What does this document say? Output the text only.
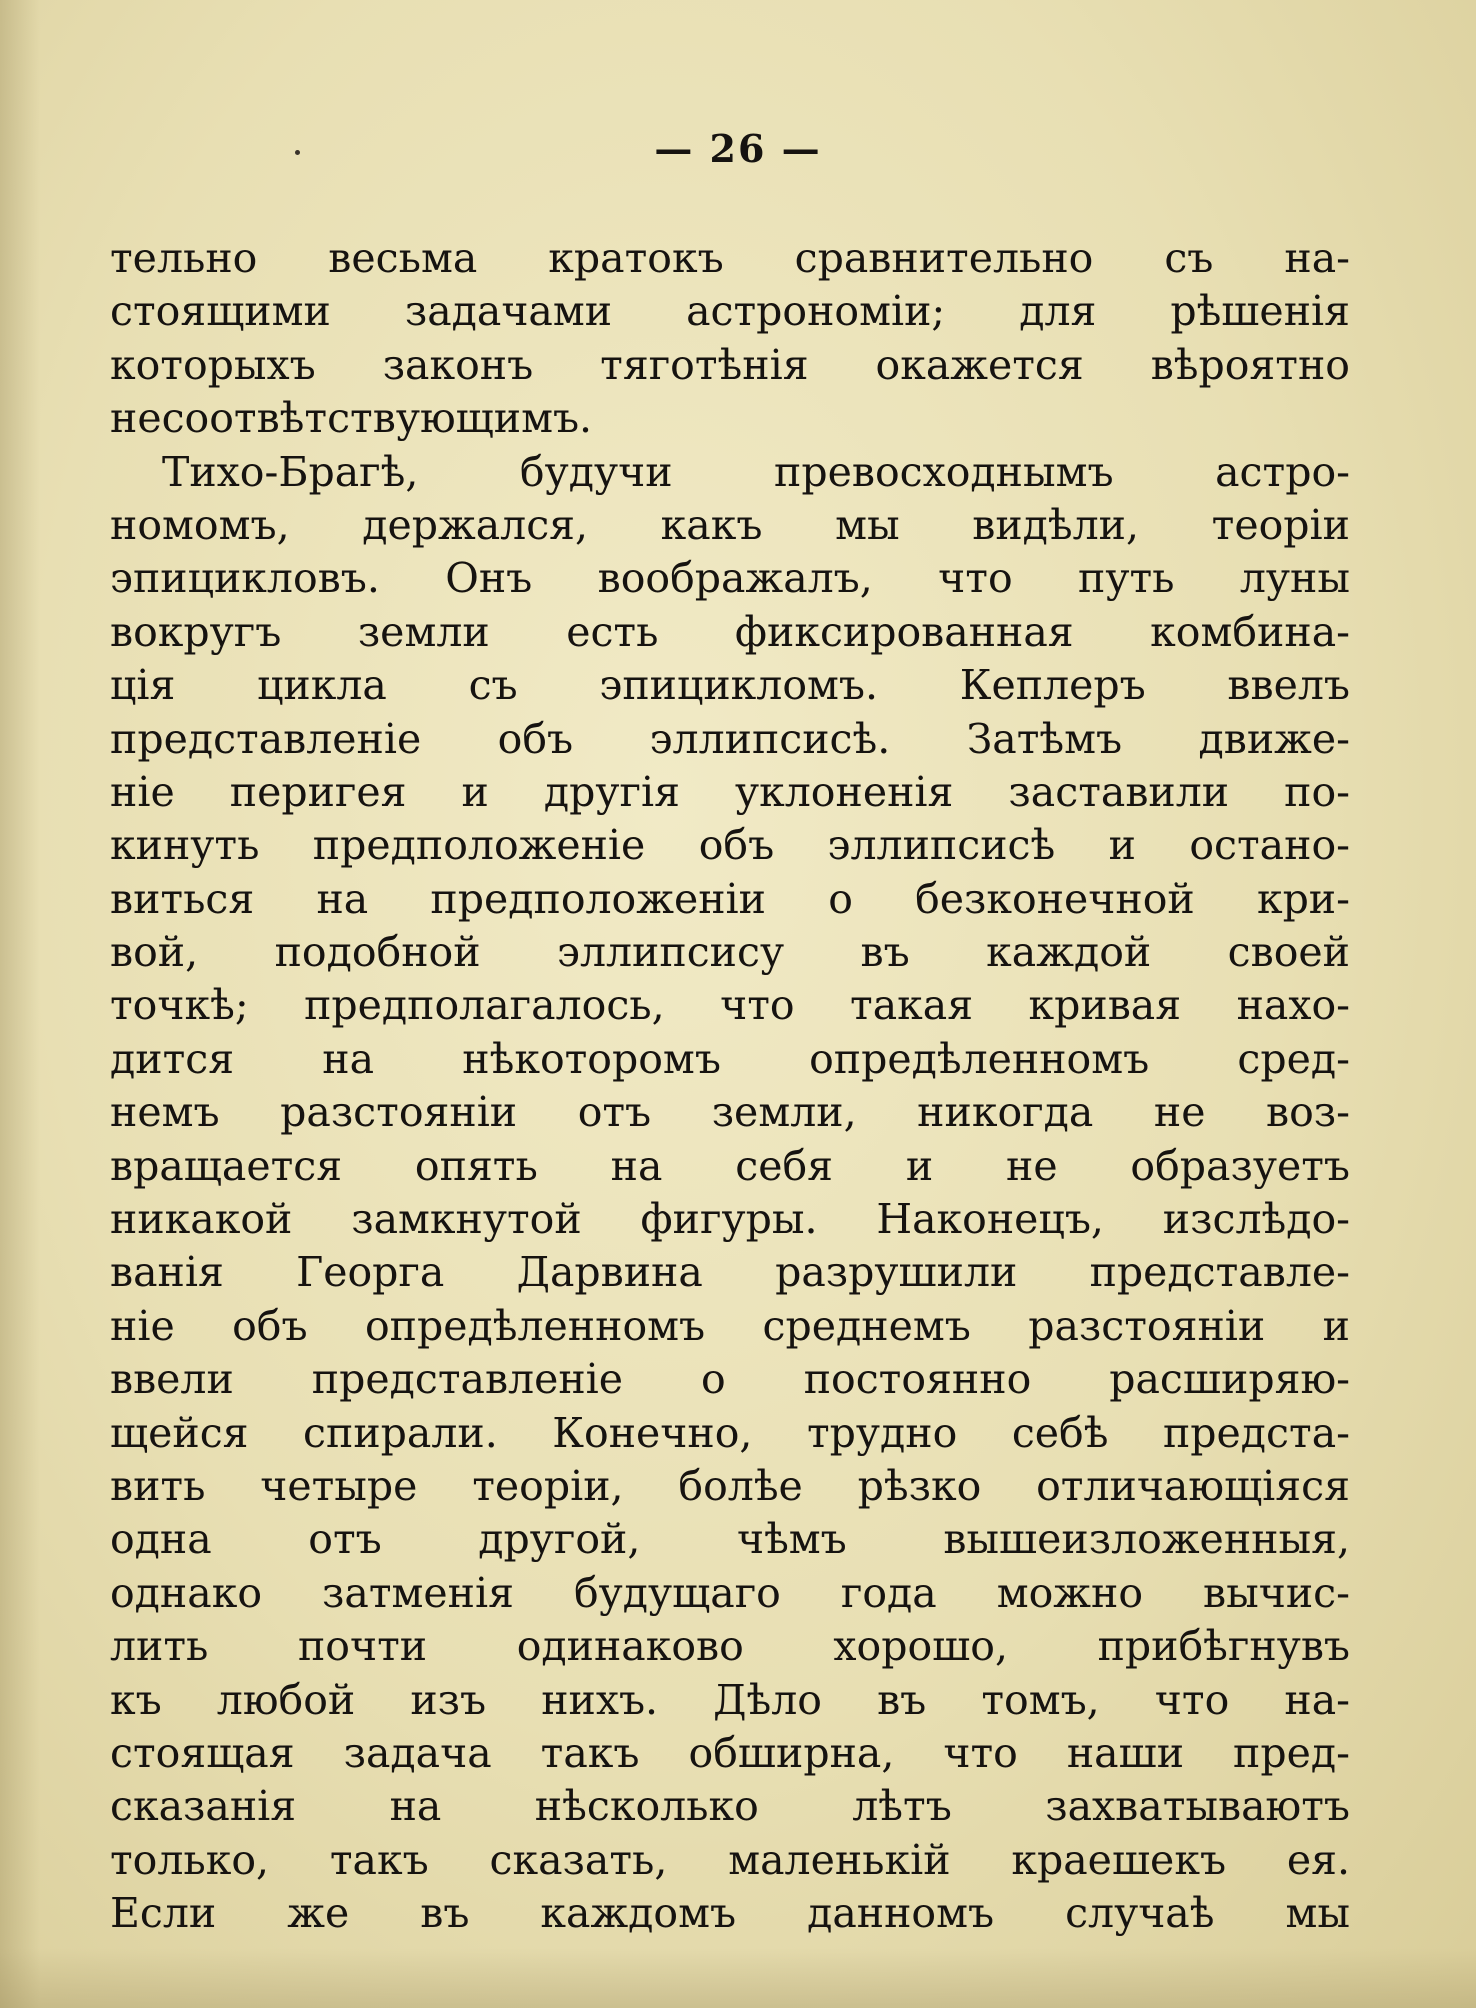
— 26 —
тельно весьма кратокъ сравнительно съ на-
стоящими задачами астрономіи; для рѣшенія
которыхъ законъ тяготѣнія окажется вѣроятно
несоотвѣтствующимъ.
Тихо-Брагѣ, будучи превосходнымъ астро-
номомъ, держался, какъ мы видѣли, теоріи
эпицикловъ. Онъ воображалъ, что путь луны
вокругъ земли есть фиксированная комбина-
ція цикла съ эпицикломъ. Кеплеръ ввелъ
представленіе объ эллипсисѣ. Затѣмъ движе-
ніе перигея и другія уклоненія заставили по-
кинуть предположеніе объ эллипсисѣ и остано-
виться на предположеніи о безконечной кри-
вой, подобной эллипсису въ каждой своей
точкѣ; предполагалось, что такая кривая нахо-
дится на нѣкоторомъ опредѣленномъ сред-
немъ разстояніи отъ земли, никогда не воз-
вращается опять на себя и не образуетъ
никакой замкнутой фигуры. Наконецъ, изслѣдо-
ванія Георга Дарвина разрушили представле-
ніе объ опредѣленномъ среднемъ разстояніи и
ввели представленіе о постоянно расширяю-
щейся спирали. Конечно, трудно себѣ предста-
вить четыре теоріи, болѣе рѣзко отличающіяся
одна отъ другой, чѣмъ вышеизложенныя,
однако затменія будущаго года можно вычис-
лить почти одинаково хорошо, прибѣгнувъ
къ любой изъ нихъ. Дѣло въ томъ, что на-
стоящая задача такъ обширна, что наши пред-
сказанія на нѣсколько лѣтъ захватываютъ
только, такъ сказать, маленькій краешекъ ея.
Если же въ каждомъ данномъ случаѣ мы
